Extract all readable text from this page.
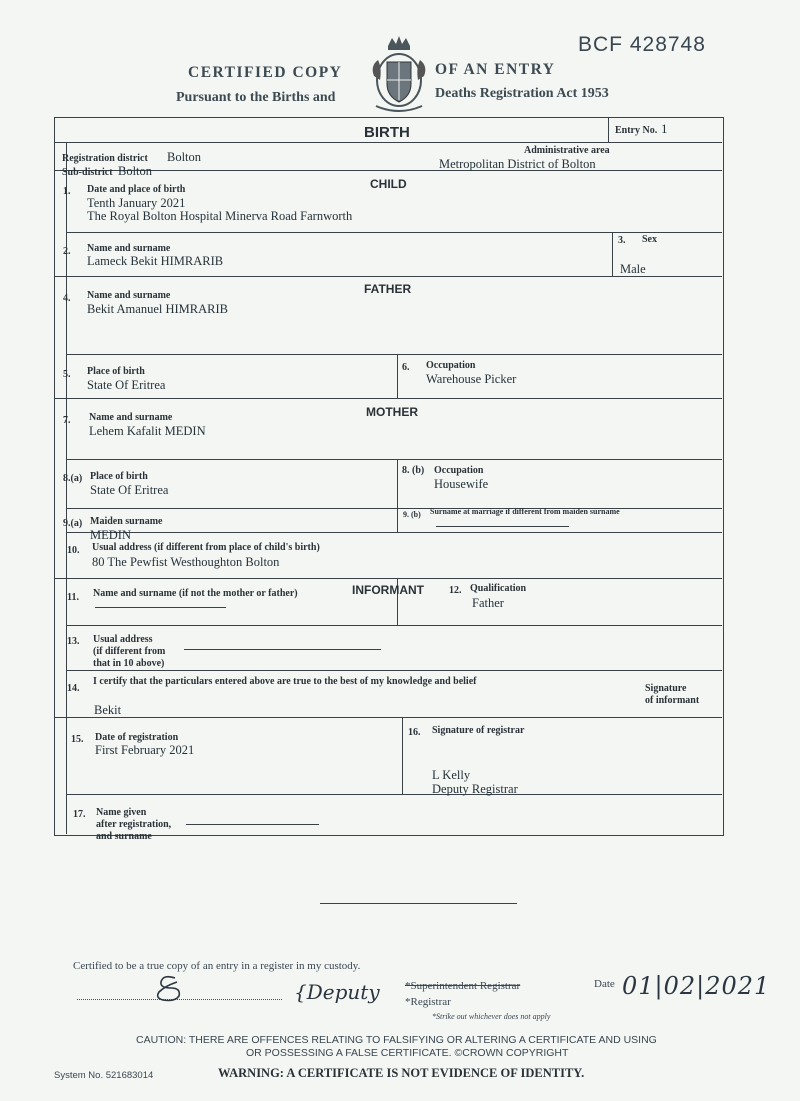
BCF 428748
CERTIFIED COPY	OF AN ENTRY
Pursuant to the Births and	Deaths Registration Act 1953
BIRTH	Entry No. 1
Registration district Bolton
Sub-district Bolton
Administrative area
Metropolitan District of Bolton
CHILD
1. Date and place of birth
Tenth January 2021
The Royal Bolton Hospital Minerva Road Farnworth
2. Name and surname
Lameck Bekit HIMRARIB
3. Sex
Male
FATHER
4. Name and surname
Bekit Amanuel HIMRARIB
5. Place of birth
State Of Eritrea
6. Occupation
Warehouse Picker
MOTHER
7. Name and surname
Lehem Kafalit MEDIN
8.(a) Place of birth
State Of Eritrea
8. (b) Occupation
Housewife
9.(a) Maiden surname
MEDIN
9. (b) Surname at marriage if different from maiden surname
10. Usual address (if different from place of child's birth)
80 The Pewfist Westhoughton Bolton
INFORMANT
11. Name and surname (if not the mother or father)	12. Qualification
Father
13. Usual address
(if different from
that in 10 above)
14.
I certify that the particulars entered above are true to the best of my knowledge and belief
Bekit
Signature
of informant
15. Date of registration
First February 2021
16. Signature of registrar
L Kelly
Deputy Registrar
17. Name given
after registration,
and surname
Certified to be a true copy of an entry in a register in my custody.
{Deputy *Superintendent Registrar
*Registrar
*Strike out whichever does not apply
Date 01|02|2021
CAUTION: THERE ARE OFFENCES RELATING TO FALSIFYING OR ALTERING A CERTIFICATE AND USING
OR POSSESSING A FALSE CERTIFICATE. ©CROWN COPYRIGHT
System No. 521683014	WARNING: A CERTIFICATE IS NOT EVIDENCE OF IDENTITY.
